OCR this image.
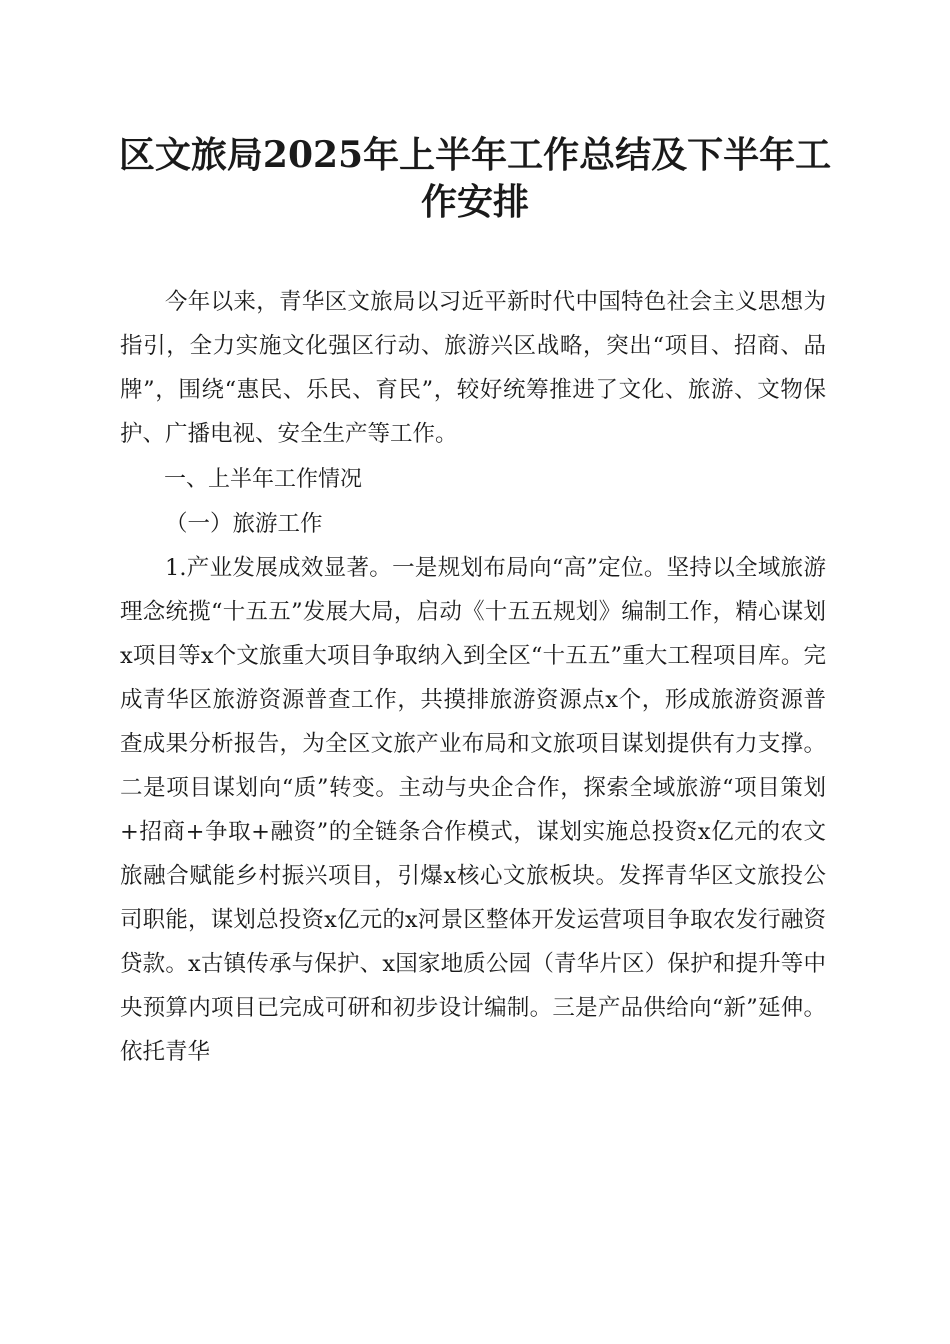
区文旅局2025年上半年工作总结及下半年工作安排

今年以来，青华区文旅局以习近平新时代中国特色社会主义思想为指引，全力实施文化强区行动、旅游兴区战略，突出“项目、招商、品牌”，围绕“惠民、乐民、育民”，较好统筹推进了文化、旅游、文物保护、广播电视、安全生产等工作。

一、上半年工作情况

（一）旅游工作

1.产业发展成效显著。一是规划布局向“高”定位。坚持以全域旅游理念统揽“十五五”发展大局，启动《十五五规划》编制工作，精心谋划x项目等x个文旅重大项目争取纳入到全区“十五五”重大工程项目库。完成青华区旅游资源普查工作，共摸排旅游资源点x个，形成旅游资源普查成果分析报告，为全区文旅产业布局和文旅项目谋划提供有力支撑。二是项目谋划向“质”转变。主动与央企合作，探索全域旅游“项目策划+招商+争取+融资”的全链条合作模式，谋划实施总投资x亿元的农文旅融合赋能乡村振兴项目，引爆x核心文旅板块。发挥青华区文旅投公司职能，谋划总投资x亿元的x河景区整体开发运营项目争取农发行融资贷款。x古镇传承与保护、x国家地质公园（青华片区）保护和提升等中央预算内项目已完成可研和初步设计编制。三是产品供给向“新”延伸。依托青华
